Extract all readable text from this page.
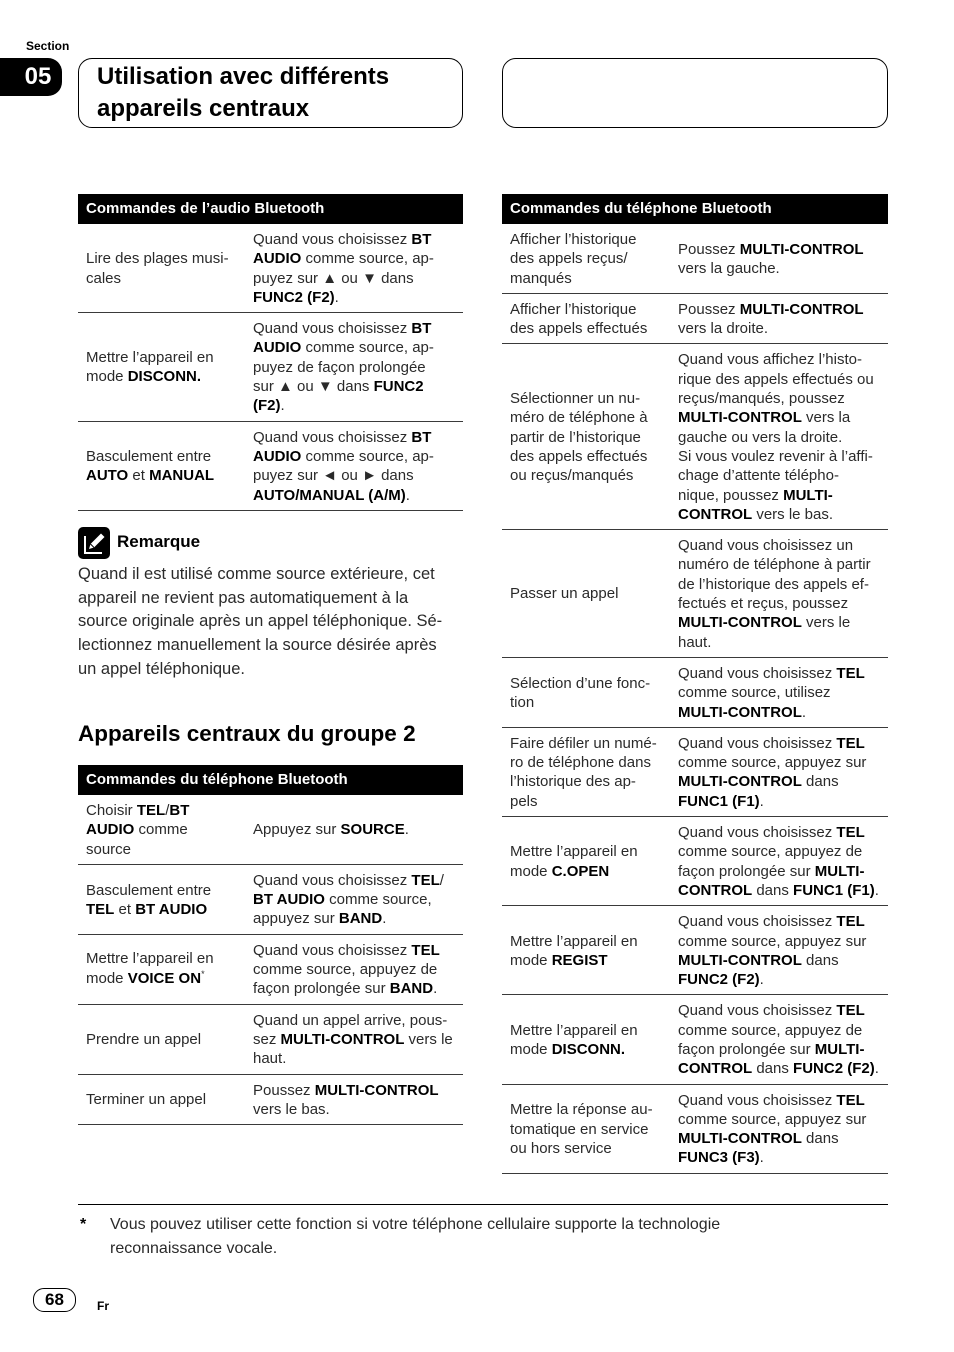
Section
05	Utilisation avec différents
appareils centraux
Commandes de l’audio Bluetooth
Lire des plages musi-
cales
Quand vous choisissez BT
AUDIO comme source, ap-
puyez sur ▲ ou ▼ dans
FUNC2 (F2).
Mettre l’appareil en
mode DISCONN.
Quand vous choisissez BT
AUDIO comme source, ap-
puyez de façon prolongée
sur ▲ ou ▼ dans FUNC2
(F2).
Basculement entre
AUTO et MANUAL
Quand vous choisissez BT
AUDIO comme source, ap-
puyez sur ◄ ou ► dans
AUTO/MANUAL (A/M).
Remarque
Quand il est utilisé comme source extérieure, cet
appareil ne revient pas automatiquement à la
source originale après un appel téléphonique. Sé-
lectionnez manuellement la source désirée après
un appel téléphonique.
Appareils centraux du groupe 2
Commandes du téléphone Bluetooth
Choisir TEL/BT
AUDIO comme
source
Appuyez sur SOURCE.
Basculement entre
TEL et BT AUDIO
Quand vous choisissez TEL/
BT AUDIO comme source,
appuyez sur BAND.
Mettre l’appareil en
mode VOICE ON*
Quand vous choisissez TEL
comme source, appuyez de
façon prolongée sur BAND.
Prendre un appel
Quand un appel arrive, pous-
sez MULTI-CONTROL vers le
haut.
Terminer un appel
Poussez MULTI-CONTROL
vers le bas.
Commandes du téléphone Bluetooth
Afficher l’historique
des appels reçus/
manqués
Poussez MULTI-CONTROL
vers la gauche.
Afficher l’historique
des appels effectués
Poussez MULTI-CONTROL
vers la droite.
Sélectionner un nu-
méro de téléphone à
partir de l’historique
des appels effectués
ou reçus/manqués
Quand vous affichez l’histo-
rique des appels effectués ou
reçus/manqués, poussez
MULTI-CONTROL vers la
gauche ou vers la droite.
Si vous voulez revenir à l’affi-
chage d’attente télépho-
nique, poussez MULTI-
CONTROL vers le bas.
Passer un appel
Quand vous choisissez un
numéro de téléphone à partir
de l’historique des appels ef-
fectués et reçus, poussez
MULTI-CONTROL vers le
haut.
Sélection d’une fonc-
tion
Quand vous choisissez TEL
comme source, utilisez
MULTI-CONTROL.
Faire défiler un numé-
ro de téléphone dans
l’historique des ap-
pels
Quand vous choisissez TEL
comme source, appuyez sur
MULTI-CONTROL dans
FUNC1 (F1).
Mettre l’appareil en
mode C.OPEN
Quand vous choisissez TEL
comme source, appuyez de
façon prolongée sur MULTI-
CONTROL dans FUNC1 (F1).
Mettre l’appareil en
mode REGIST
Quand vous choisissez TEL
comme source, appuyez sur
MULTI-CONTROL dans
FUNC2 (F2).
Mettre l’appareil en
mode DISCONN.
Quand vous choisissez TEL
comme source, appuyez de
façon prolongée sur MULTI-
CONTROL dans FUNC2 (F2).
Mettre la réponse au-
tomatique en service
ou hors service
Quand vous choisissez TEL
comme source, appuyez sur
MULTI-CONTROL dans
FUNC3 (F3).
* Vous pouvez utiliser cette fonction si votre téléphone cellulaire supporte la technologie
reconnaissance vocale.
68	Fr
